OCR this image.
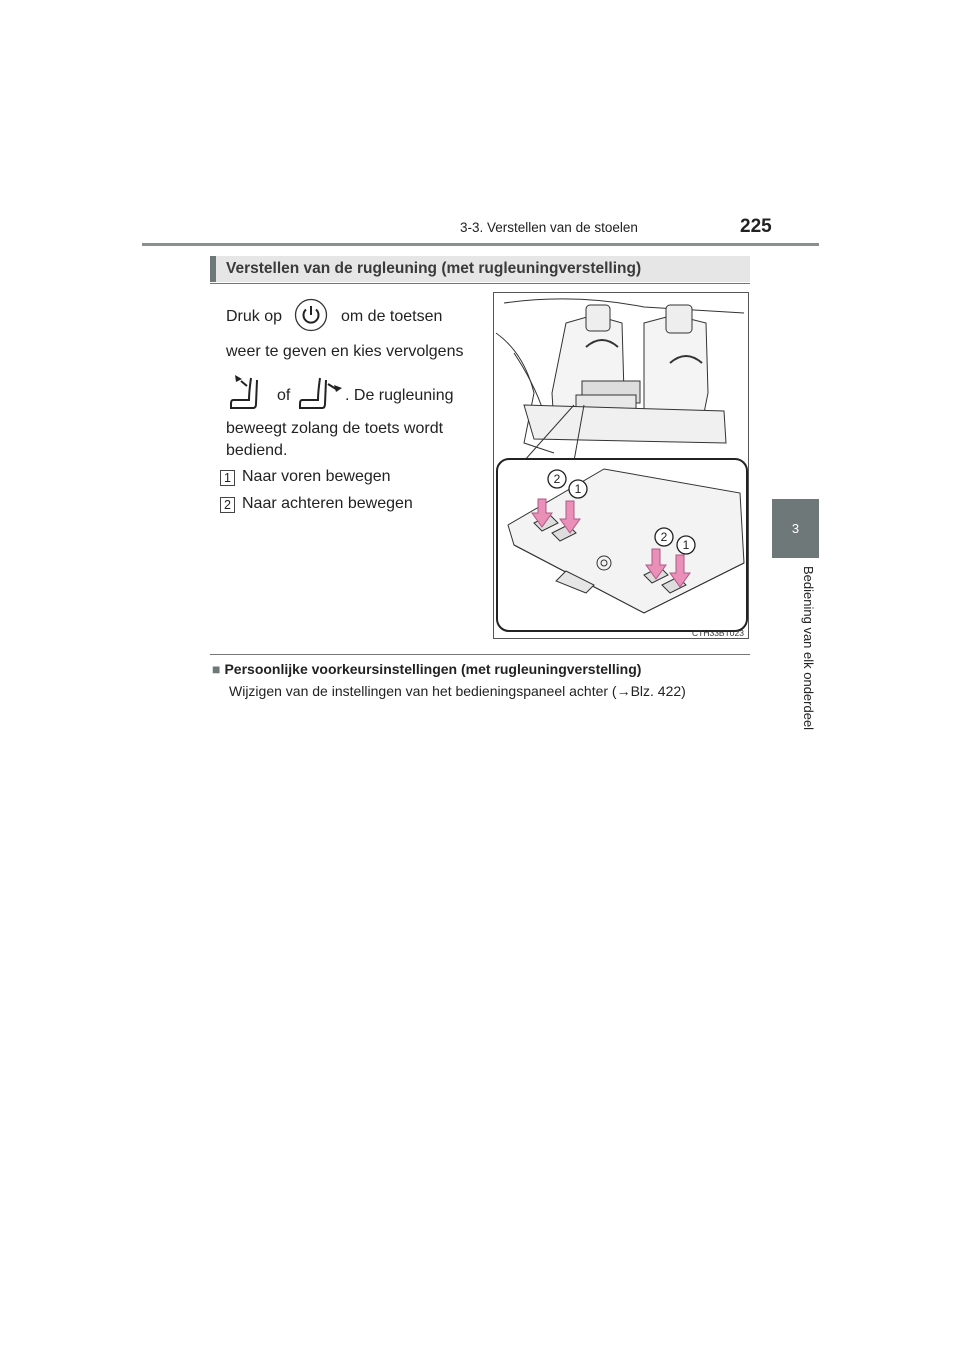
3-3. Verstellen van de stoelen	225
3
Bediening van elk onderdeel
Verstellen van de rugleuning (met rugleuningverstelling)
Druk op	om de toetsen
weer te geven en kies vervolgens
of	. De rugleuning
beweegt zolang de toets wordt
bediend.
1 Naar voren bewegen
2 Naar achteren bewegen
2
1
2
1
CTH33BT023
■ Persoonlijke voorkeursinstellingen (met rugleuningverstelling)
Wijzigen van de instellingen van het bedieningspaneel achter (→Blz. 422)
